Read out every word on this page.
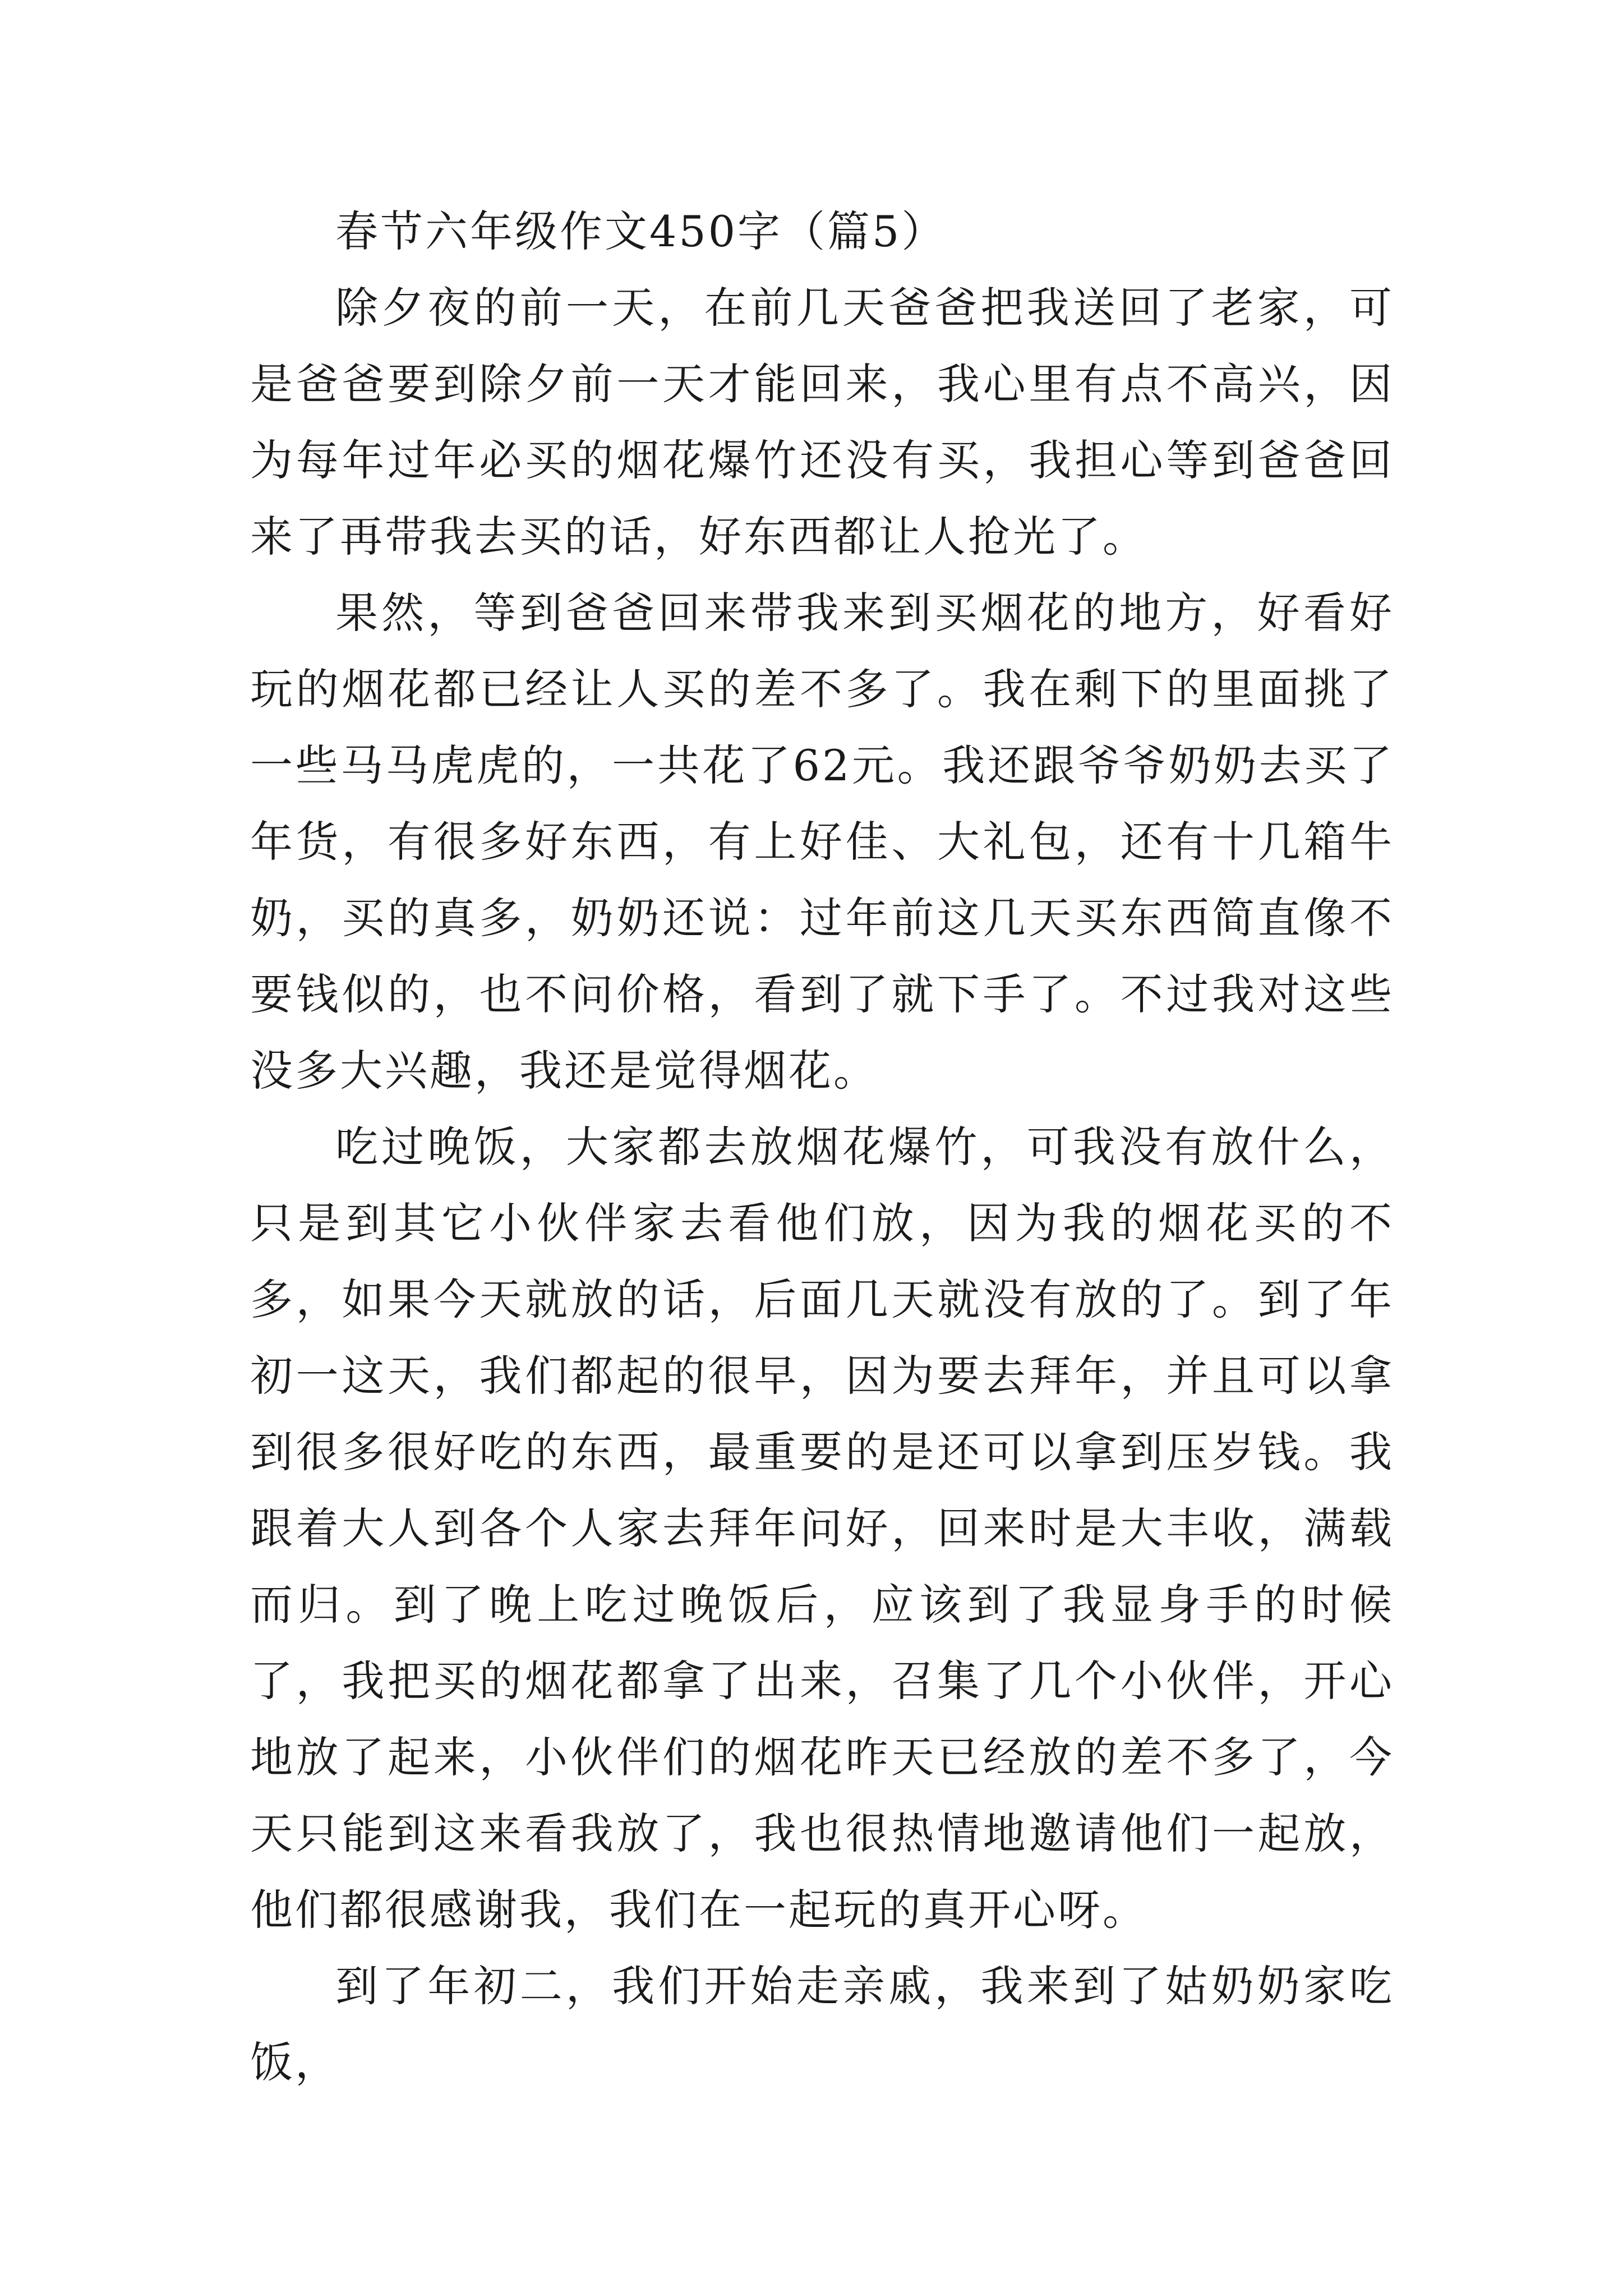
春节六年级作文450字（篇5）

除夕夜的前一天，在前几天爸爸把我送回了老家，可是爸爸要到除夕前一天才能回来，我心里有点不高兴，因为每年过年必买的烟花爆竹还没有买，我担心等到爸爸回来了再带我去买的话，好东西都让人抢光了。

果然，等到爸爸回来带我来到买烟花的地方，好看好玩的烟花都已经让人买的差不多了。我在剩下的里面挑了一些马马虎虎的，一共花了62元。我还跟爷爷奶奶去买了年货，有很多好东西，有上好佳、大礼包，还有十几箱牛奶，买的真多，奶奶还说：过年前这几天买东西简直像不要钱似的，也不问价格，看到了就下手了。不过我对这些没多大兴趣，我还是觉得烟花。

吃过晚饭，大家都去放烟花爆竹，可我没有放什么，只是到其它小伙伴家去看他们放，因为我的烟花买的不多，如果今天就放的话，后面几天就没有放的了。到了年初一这天，我们都起的很早，因为要去拜年，并且可以拿到很多很好吃的东西，最重要的是还可以拿到压岁钱。我跟着大人到各个人家去拜年问好，回来时是大丰收，满载而归。到了晚上吃过晚饭后，应该到了我显身手的时候了，我把买的烟花都拿了出来，召集了几个小伙伴，开心地放了起来，小伙伴们的烟花昨天已经放的差不多了，今天只能到这来看我放了，我也很热情地邀请他们一起放，他们都很感谢我，我们在一起玩的真开心呀。

到了年初二，我们开始走亲戚，我来到了姑奶奶家吃饭，
